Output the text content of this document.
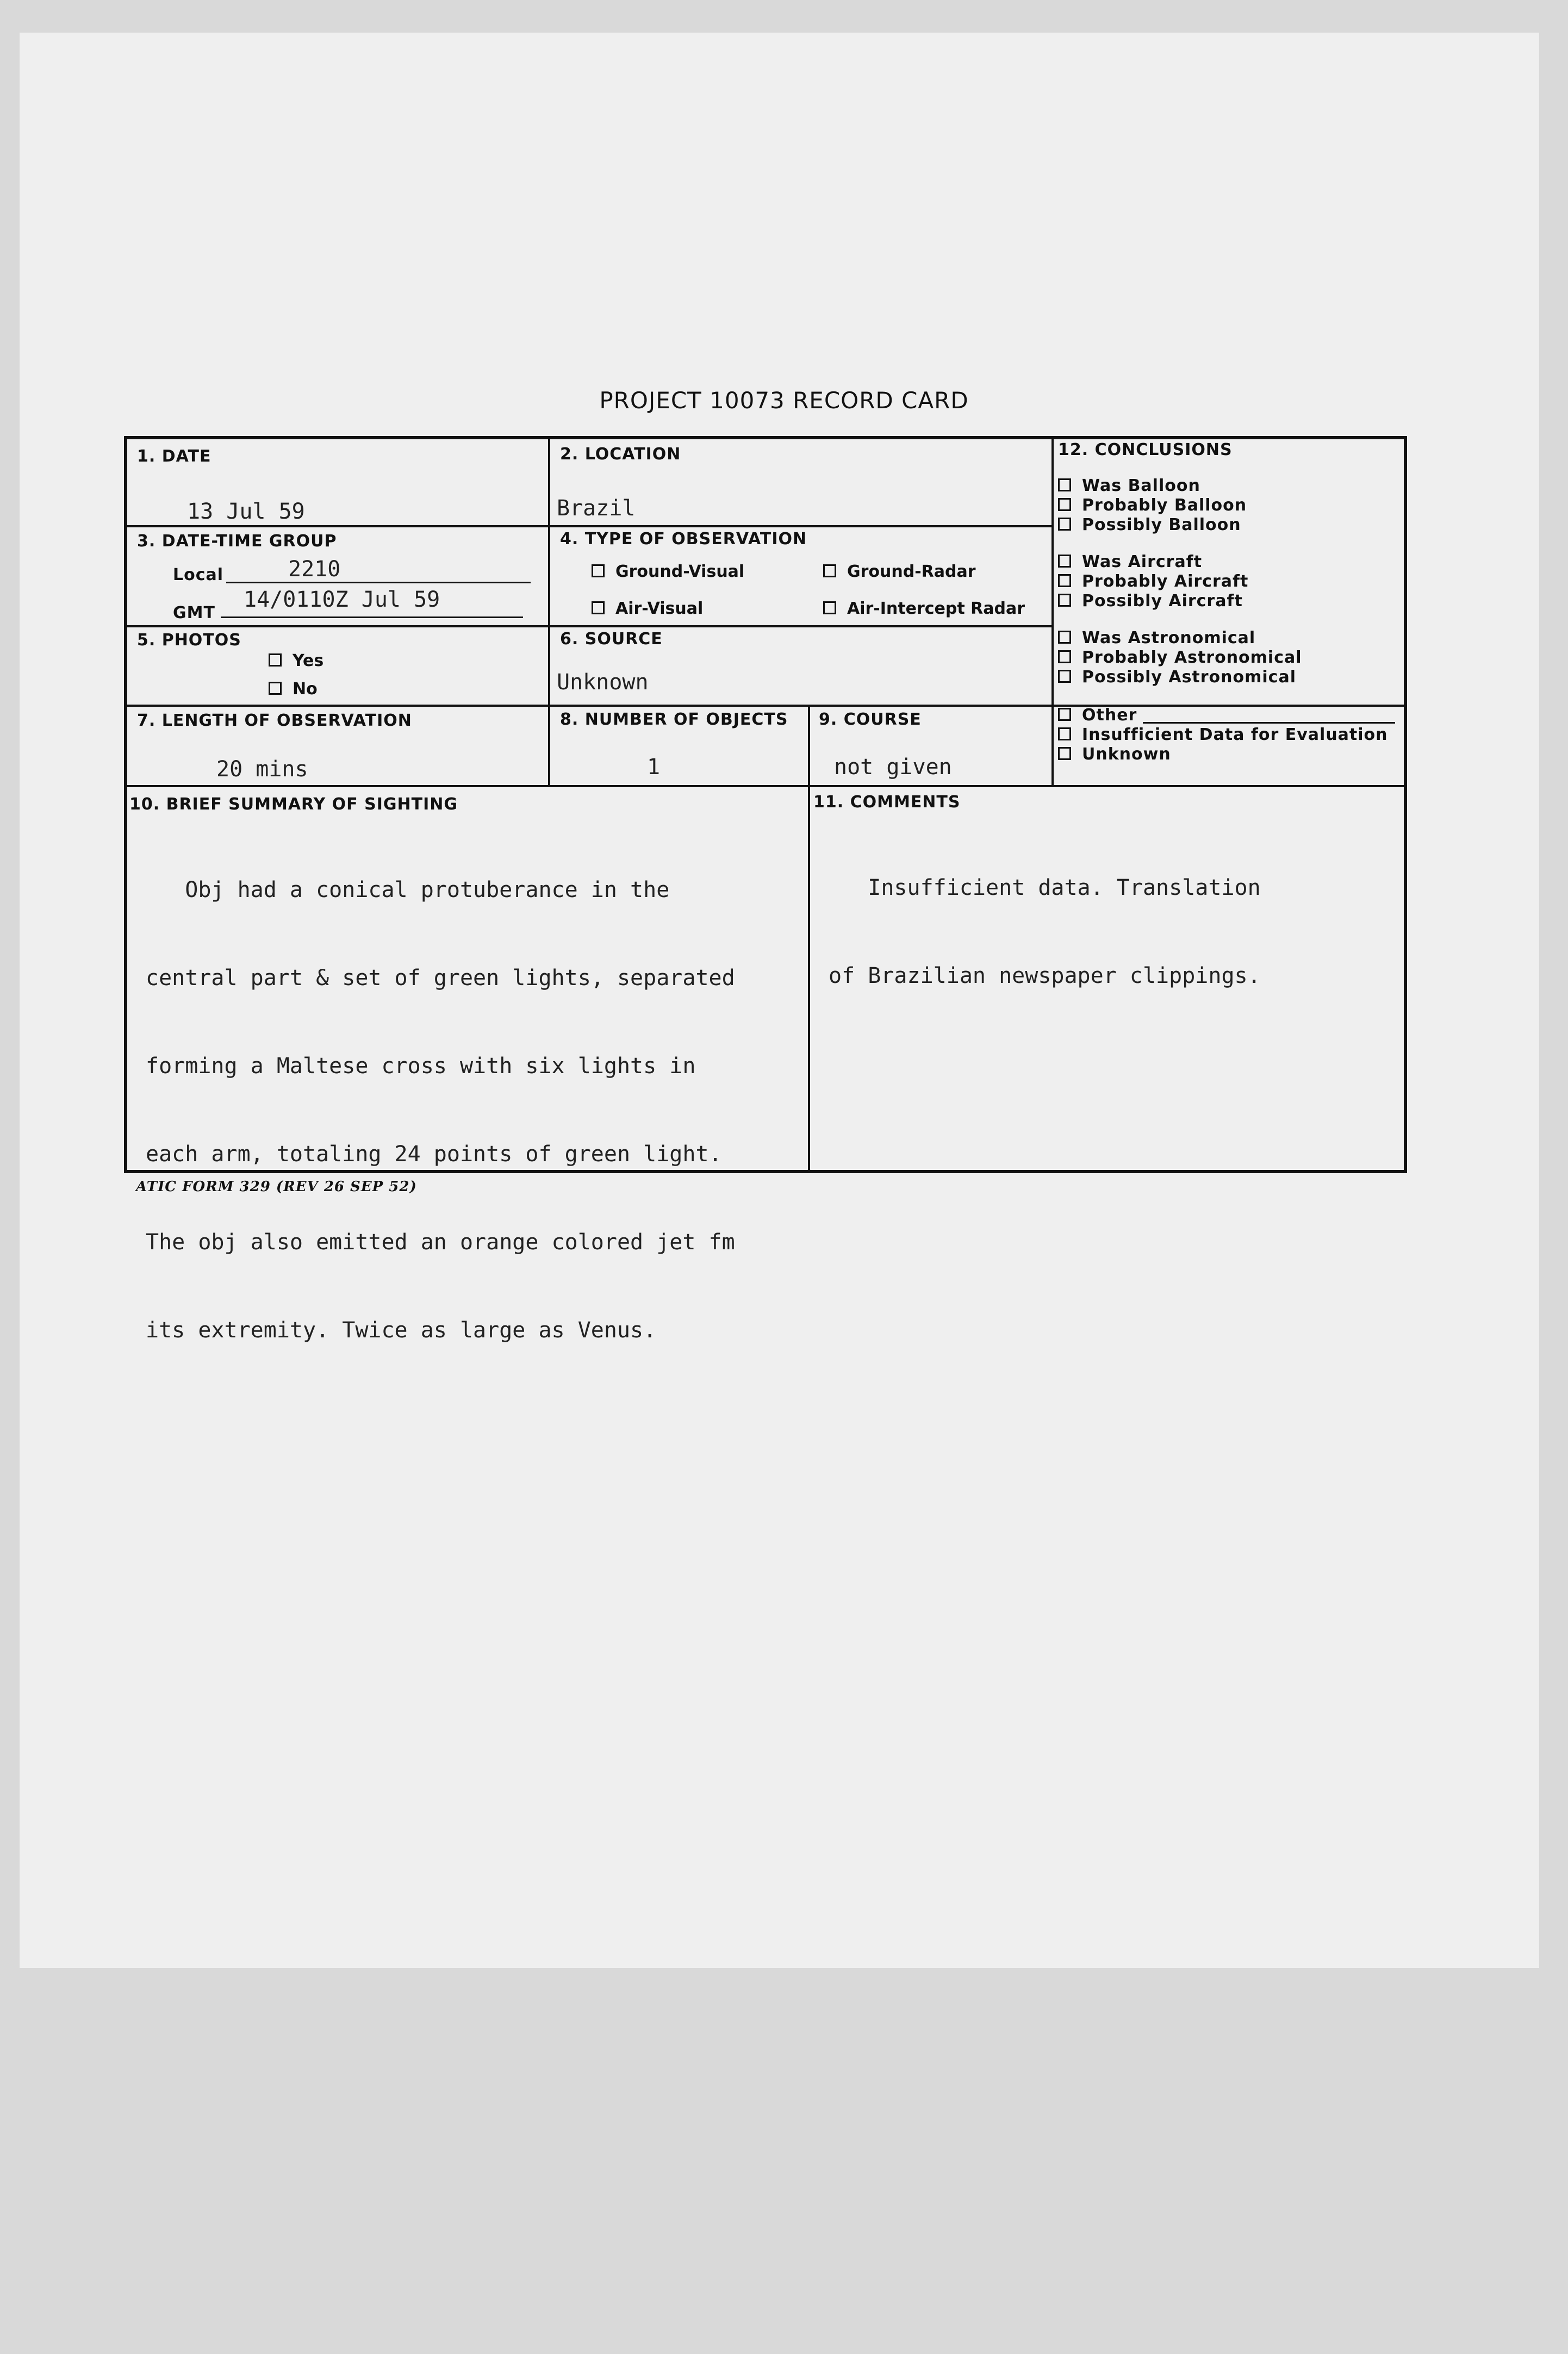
PROJECT 10073 RECORD CARD
1. DATE
13 Jul 59
2. LOCATION
Brazil
3. DATE-TIME GROUP
Local	2210
GMT
14/0110Z Jul 59
4. TYPE OF OBSERVATION
Ground-Visual	Ground-Radar
Air-Visual	Air-Intercept Radar
5. PHOTOS
Yes
No
6. SOURCE
Unknown
7. LENGTH OF OBSERVATION
20 mins
8. NUMBER OF OBJECTS
1
9. COURSE
not given
10. BRIEF SUMMARY OF SIGHTING

Obj had a conical protuberance in the

central part & set of green lights, separated

forming a Maltese cross with six lights in

each arm, totaling 24 points of green light.

The obj also emitted an orange colored jet fm

its extremity. Twice as large as Venus.

11. COMMENTS

Insufficient data. Translation

of Brazilian newspaper clippings.

12. CONCLUSIONS
Was Balloon
Probably Balloon
Possibly Balloon
Was Aircraft
Probably Aircraft
Possibly Aircraft
Was Astronomical
Probably Astronomical
Possibly Astronomical
Other
Insufficient Data for Evaluation
Unknown
ATIC FORM 329 (REV 26 SEP 52)
